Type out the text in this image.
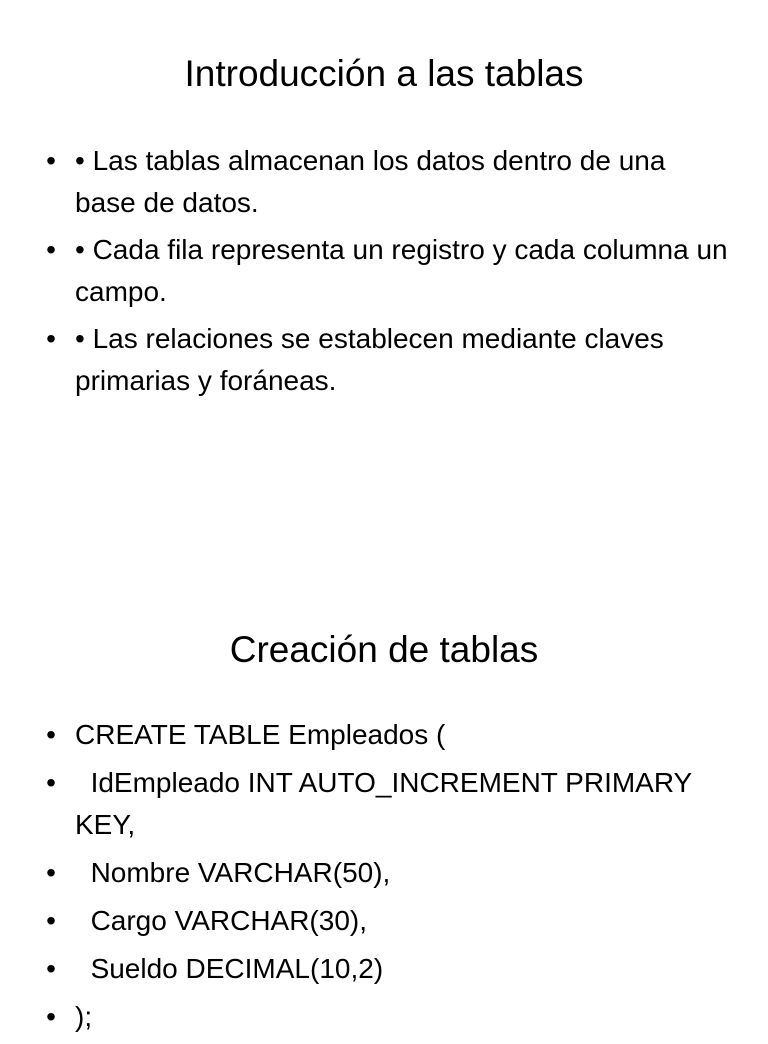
Introducción a las tablas
• • Las tablas almacenan los datos dentro de una base de datos.
• • Cada fila representa un registro y cada columna un campo.
• • Las relaciones se establecen mediante claves primarias y foráneas.
Creación de tablas
• CREATE TABLE Empleados (
• IdEmpleado INT AUTO_INCREMENT PRIMARY KEY,
• Nombre VARCHAR(50),
• Cargo VARCHAR(30),
• Sueldo DECIMAL(10,2)
• );
